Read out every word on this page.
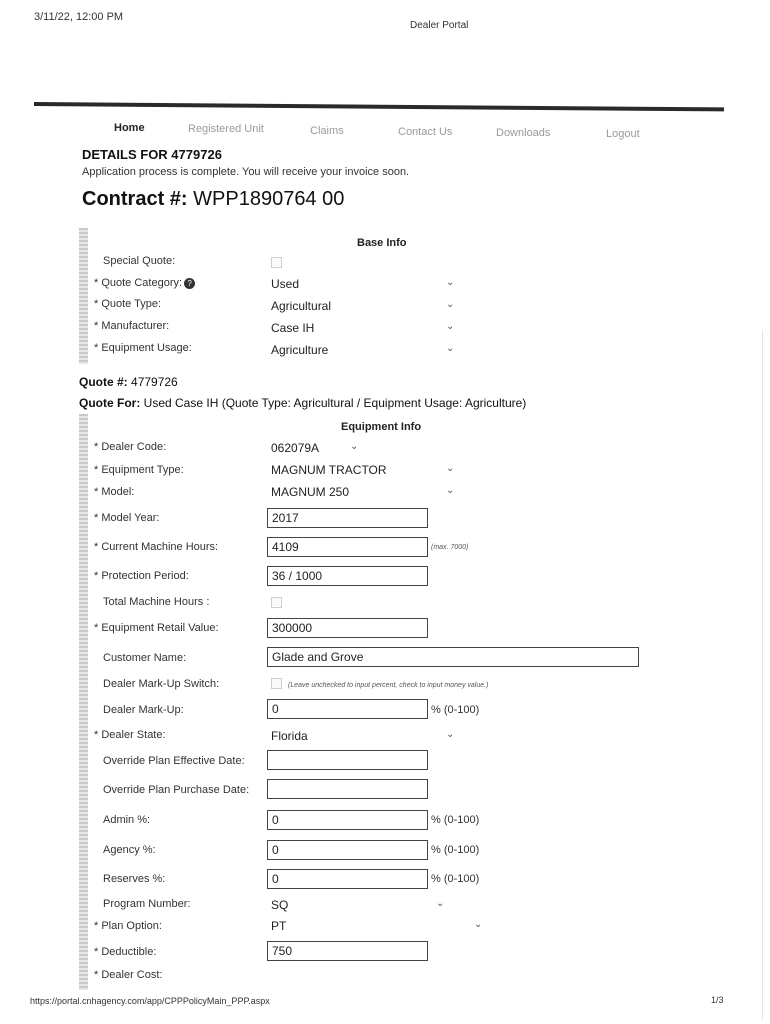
3/11/22, 12:00 PM
Dealer Portal
Home	Registered Unit	Claims	Contact Us	Downloads	Logout
DETAILS FOR 4779726
Application process is complete. You will receive your invoice soon.
Contract #: WPP1890764 00
Base Info
Special Quote:
* Quote Category: ?	Used	⌄
* Quote Type:	Agricultural	⌄
* Manufacturer:	Case IH	⌄
* Equipment Usage:	Agriculture	⌄
Quote #: 4779726
Quote For: Used Case IH (Quote Type: Agricultural / Equipment Usage: Agriculture)
Equipment Info
* Dealer Code:	062079A	⌄
* Equipment Type:	MAGNUM TRACTOR	⌄
* Model:	MAGNUM 250	⌄
* Model Year:
2017
* Current Machine Hours:
4109	(max. 7000)
* Protection Period:
36 / 1000
Total Machine Hours :
* Equipment Retail Value:
300000
Customer Name:
Glade and Grove
Dealer Mark-Up Switch:	(Leave unchecked to input percent, check to input money value.)
Dealer Mark-Up:
0	% (0-100)
* Dealer State:	Florida	⌄
Override Plan Effective Date:
Override Plan Purchase Date:
Admin %:
0	% (0-100)
Agency %:
0	% (0-100)
Reserves %:
0	% (0-100)
Program Number:	SQ	⌄
* Plan Option:	PT	⌄
* Deductible:
750
* Dealer Cost:
https://portal.cnhagency.com/app/CPPPolicyMain_PPP.aspx	1/3
